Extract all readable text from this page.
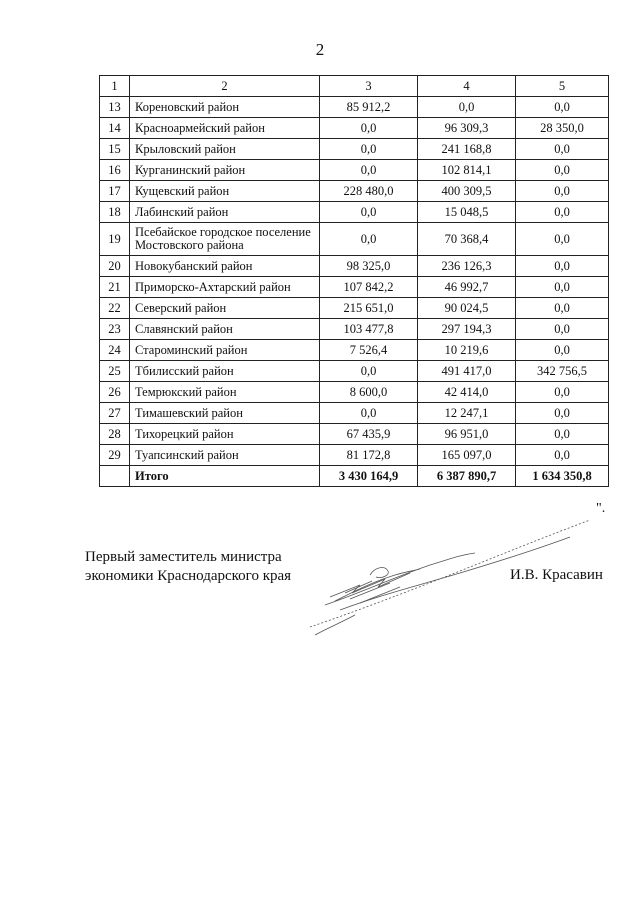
2
1	2	3	4	5
13	Кореновский район	85 912,2	0,0	0,0
14	Красноармейский район	0,0	96 309,3	28 350,0
15	Крыловский район	0,0	241 168,8	0,0
16	Курганинский район	0,0	102 814,1	0,0
17	Кущевский район	228 480,0	400 309,5	0,0
18	Лабинский район	0,0	15 048,5	0,0
19	Псебайское городское поселение Мостовского района	0,0	70 368,4	0,0
20	Новокубанский район	98 325,0	236 126,3	0,0
21	Приморско-Ахтарский район	107 842,2	46 992,7	0,0
22	Северский район	215 651,0	90 024,5	0,0
23	Славянский район	103 477,8	297 194,3	0,0
24	Староминский район	7 526,4	10 219,6	0,0
25	Тбилисский район	0,0	491 417,0	342 756,5
26	Темрюкский район	8 600,0	42 414,0	0,0
27	Тимашевский район	0,0	12 247,1	0,0
28	Тихорецкий район	67 435,9	96 951,0	0,0
29	Туапсинский район	81 172,8	165 097,0	0,0
	Итого	3 430 164,9	6 387 890,7	1 634 350,8
".
Первый заместитель министра
экономики Краснодарского края	И.В. Красавин
